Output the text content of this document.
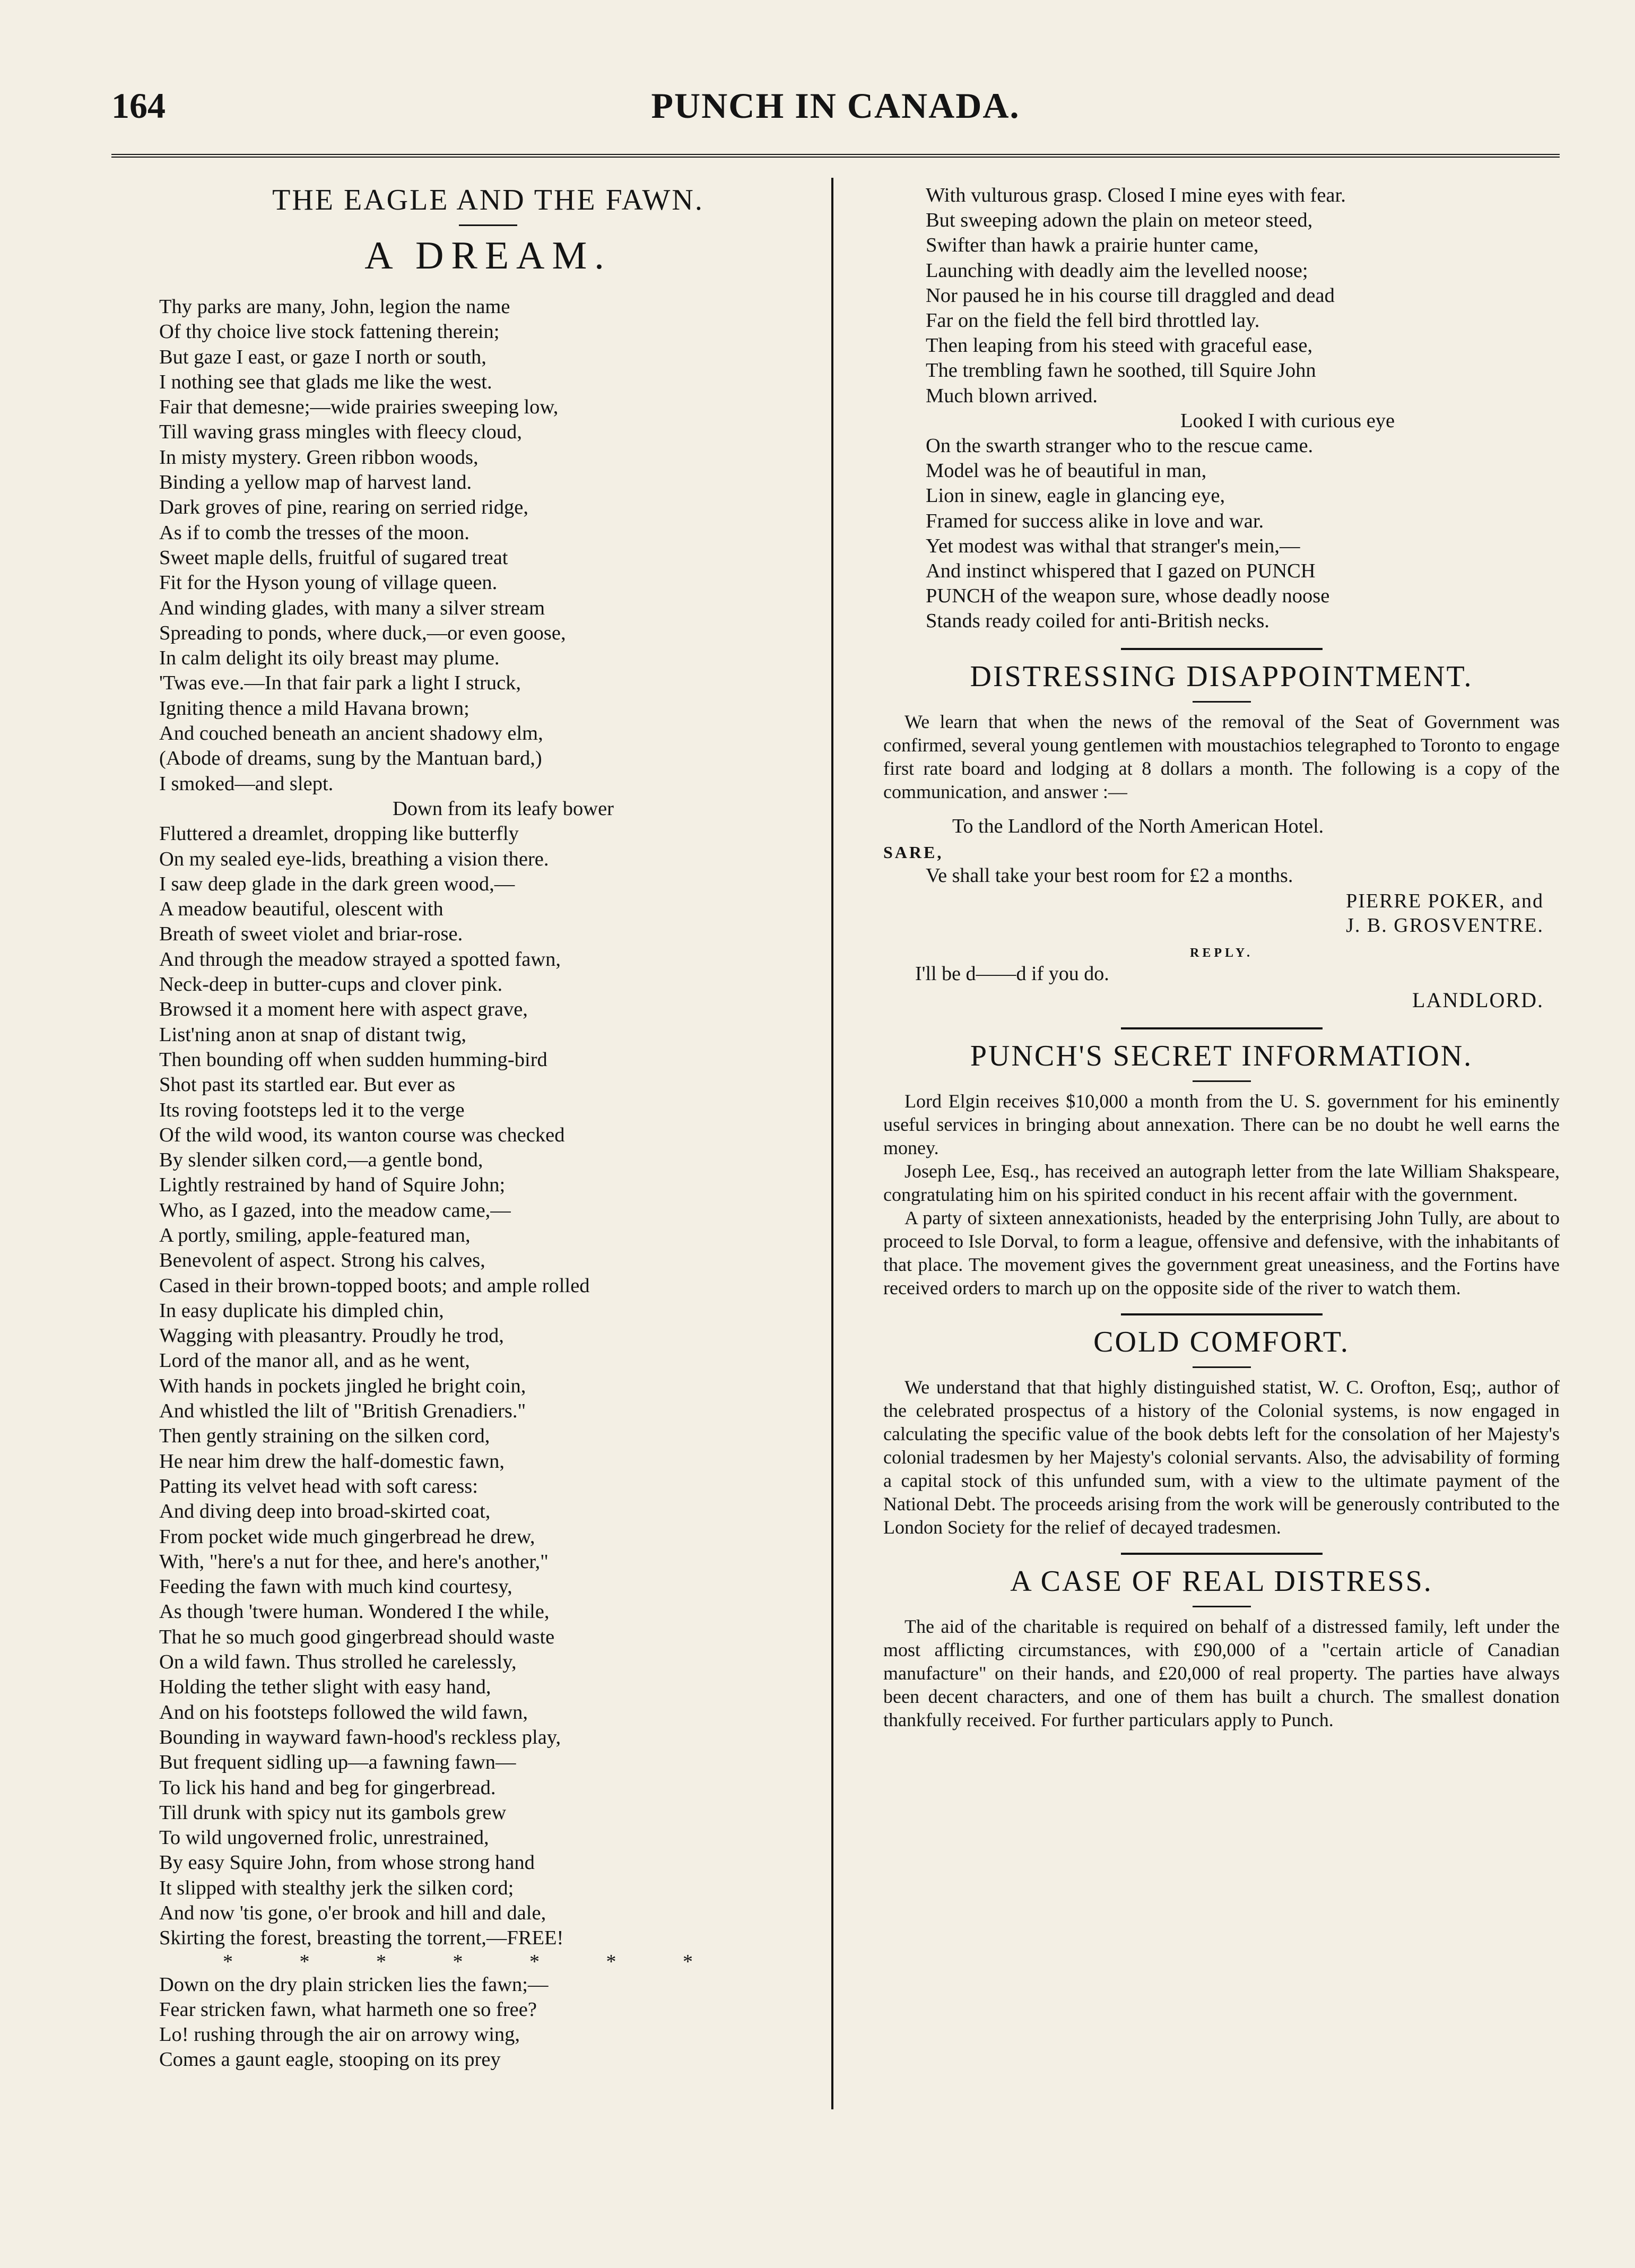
164	PUNCH IN CANADA.
THE EAGLE AND THE FAWN.
A DREAM.
Thy parks are many, John, legion the name
Of thy choice live stock fattening therein;
But gaze I east, or gaze I north or south,
I nothing see that glads me like the west.
Fair that demesne;—wide prairies sweeping low,
Till waving grass mingles with fleecy cloud,
In misty mystery. Green ribbon woods,
Binding a yellow map of harvest land.
Dark groves of pine, rearing on serried ridge,
As if to comb the tresses of the moon.
Sweet maple dells, fruitful of sugared treat
Fit for the Hyson young of village queen.
And winding glades, with many a silver stream
Spreading to ponds, where duck,—or even goose,
In calm delight its oily breast may plume.
'Twas eve.—In that fair park a light I struck,
Igniting thence a mild Havana brown;
And couched beneath an ancient shadowy elm,
(Abode of dreams, sung by the Mantuan bard,)
I smoked—and slept.
Down from its leafy bower
Fluttered a dreamlet, dropping like butterfly
On my sealed eye-lids, breathing a vision there.
I saw deep glade in the dark green wood,—
A meadow beautiful, olescent with
Breath of sweet violet and briar-rose.
And through the meadow strayed a spotted fawn,
Neck-deep in butter-cups and clover pink.
Browsed it a moment here with aspect grave,
List'ning anon at snap of distant twig,
Then bounding off when sudden humming-bird
Shot past its startled ear. But ever as
Its roving footsteps led it to the verge
Of the wild wood, its wanton course was checked
By slender silken cord,—a gentle bond,
Lightly restrained by hand of Squire John;
Who, as I gazed, into the meadow came,—
A portly, smiling, apple-featured man,
Benevolent of aspect. Strong his calves,
Cased in their brown-topped boots; and ample rolled
In easy duplicate his dimpled chin,
Wagging with pleasantry. Proudly he trod,
Lord of the manor all, and as he went,
With hands in pockets jingled he bright coin,
And whistled the lilt of "British Grenadiers."
Then gently straining on the silken cord,
He near him drew the half-domestic fawn,
Patting its velvet head with soft caress:
And diving deep into broad-skirted coat,
From pocket wide much gingerbread he drew,
With, "here's a nut for thee, and here's another,"
Feeding the fawn with much kind courtesy,
As though 'twere human. Wondered I the while,
That he so much good gingerbread should waste
On a wild fawn. Thus strolled he carelessly,
Holding the tether slight with easy hand,
And on his footsteps followed the wild fawn,
Bounding in wayward fawn-hood's reckless play,
But frequent sidling up—a fawning fawn—
To lick his hand and beg for gingerbread.
Till drunk with spicy nut its gambols grew
To wild ungoverned frolic, unrestrained,
By easy Squire John, from whose strong hand
It slipped with stealthy jerk the silken cord;
And now 'tis gone, o'er brook and hill and dale,
Skirting the forest, breasting the torrent,—FREE!
* * * * * * *
Down on the dry plain stricken lies the fawn;—
Fear stricken fawn, what harmeth one so free?
Lo! rushing through the air on arrowy wing,
Comes a gaunt eagle, stooping on its prey
With vulturous grasp. Closed I mine eyes with fear.
But sweeping adown the plain on meteor steed,
Swifter than hawk a prairie hunter came,
Launching with deadly aim the levelled noose;
Nor paused he in his course till draggled and dead
Far on the field the fell bird throttled lay.
Then leaping from his steed with graceful ease,
The trembling fawn he soothed, till Squire John
Much blown arrived.
Looked I with curious eye
On the swarth stranger who to the rescue came.
Model was he of beautiful in man,
Lion in sinew, eagle in glancing eye,
Framed for success alike in love and war.
Yet modest was withal that stranger's mein,—
And instinct whispered that I gazed on PUNCH
PUNCH of the weapon sure, whose deadly noose
Stands ready coiled for anti-British necks.
DISTRESSING DISAPPOINTMENT.

We learn that when the news of the removal of the Seat of Government was confirmed, several young gentlemen with moustachios telegraphed to Toronto to engage first rate board and lodging at 8 dollars a month. The following is a copy of the communication, and answer :—

To the Landlord of the North American Hotel.
SARE,
Ve shall take your best room for £2 a months.
PIERRE POKER, and
J. B. GROSVENTRE.
REPLY.
I'll be d——d if you do.
LANDLORD.
PUNCH'S SECRET INFORMATION.

Lord Elgin receives $10,000 a month from the U. S. government for his eminently useful services in bringing about annexation. There can be no doubt he well earns the money.

Joseph Lee, Esq., has received an autograph letter from the late William Shakspeare, congratulating him on his spirited conduct in his recent affair with the government.

A party of sixteen annexationists, headed by the enterprising John Tully, are about to proceed to Isle Dorval, to form a league, offensive and defensive, with the inhabitants of that place. The movement gives the government great uneasiness, and the Fortins have received orders to march up on the opposite side of the river to watch them.

COLD COMFORT.

We understand that that highly distinguished statist, W. C. Orofton, Esq;, author of the celebrated prospectus of a history of the Colonial systems, is now engaged in calculating the specific value of the book debts left for the consolation of her Majesty's colonial tradesmen by her Majesty's colonial servants. Also, the advisability of forming a capital stock of this unfunded sum, with a view to the ultimate payment of the National Debt. The proceeds arising from the work will be generously contributed to the London Society for the relief of decayed tradesmen.

A CASE OF REAL DISTRESS.

The aid of the charitable is required on behalf of a distressed family, left under the most afflicting circumstances, with £90,000 of a "certain article of Canadian manufacture" on their hands, and £20,000 of real property. The parties have always been decent characters, and one of them has built a church. The smallest donation thankfully received. For further particulars apply to Punch.
